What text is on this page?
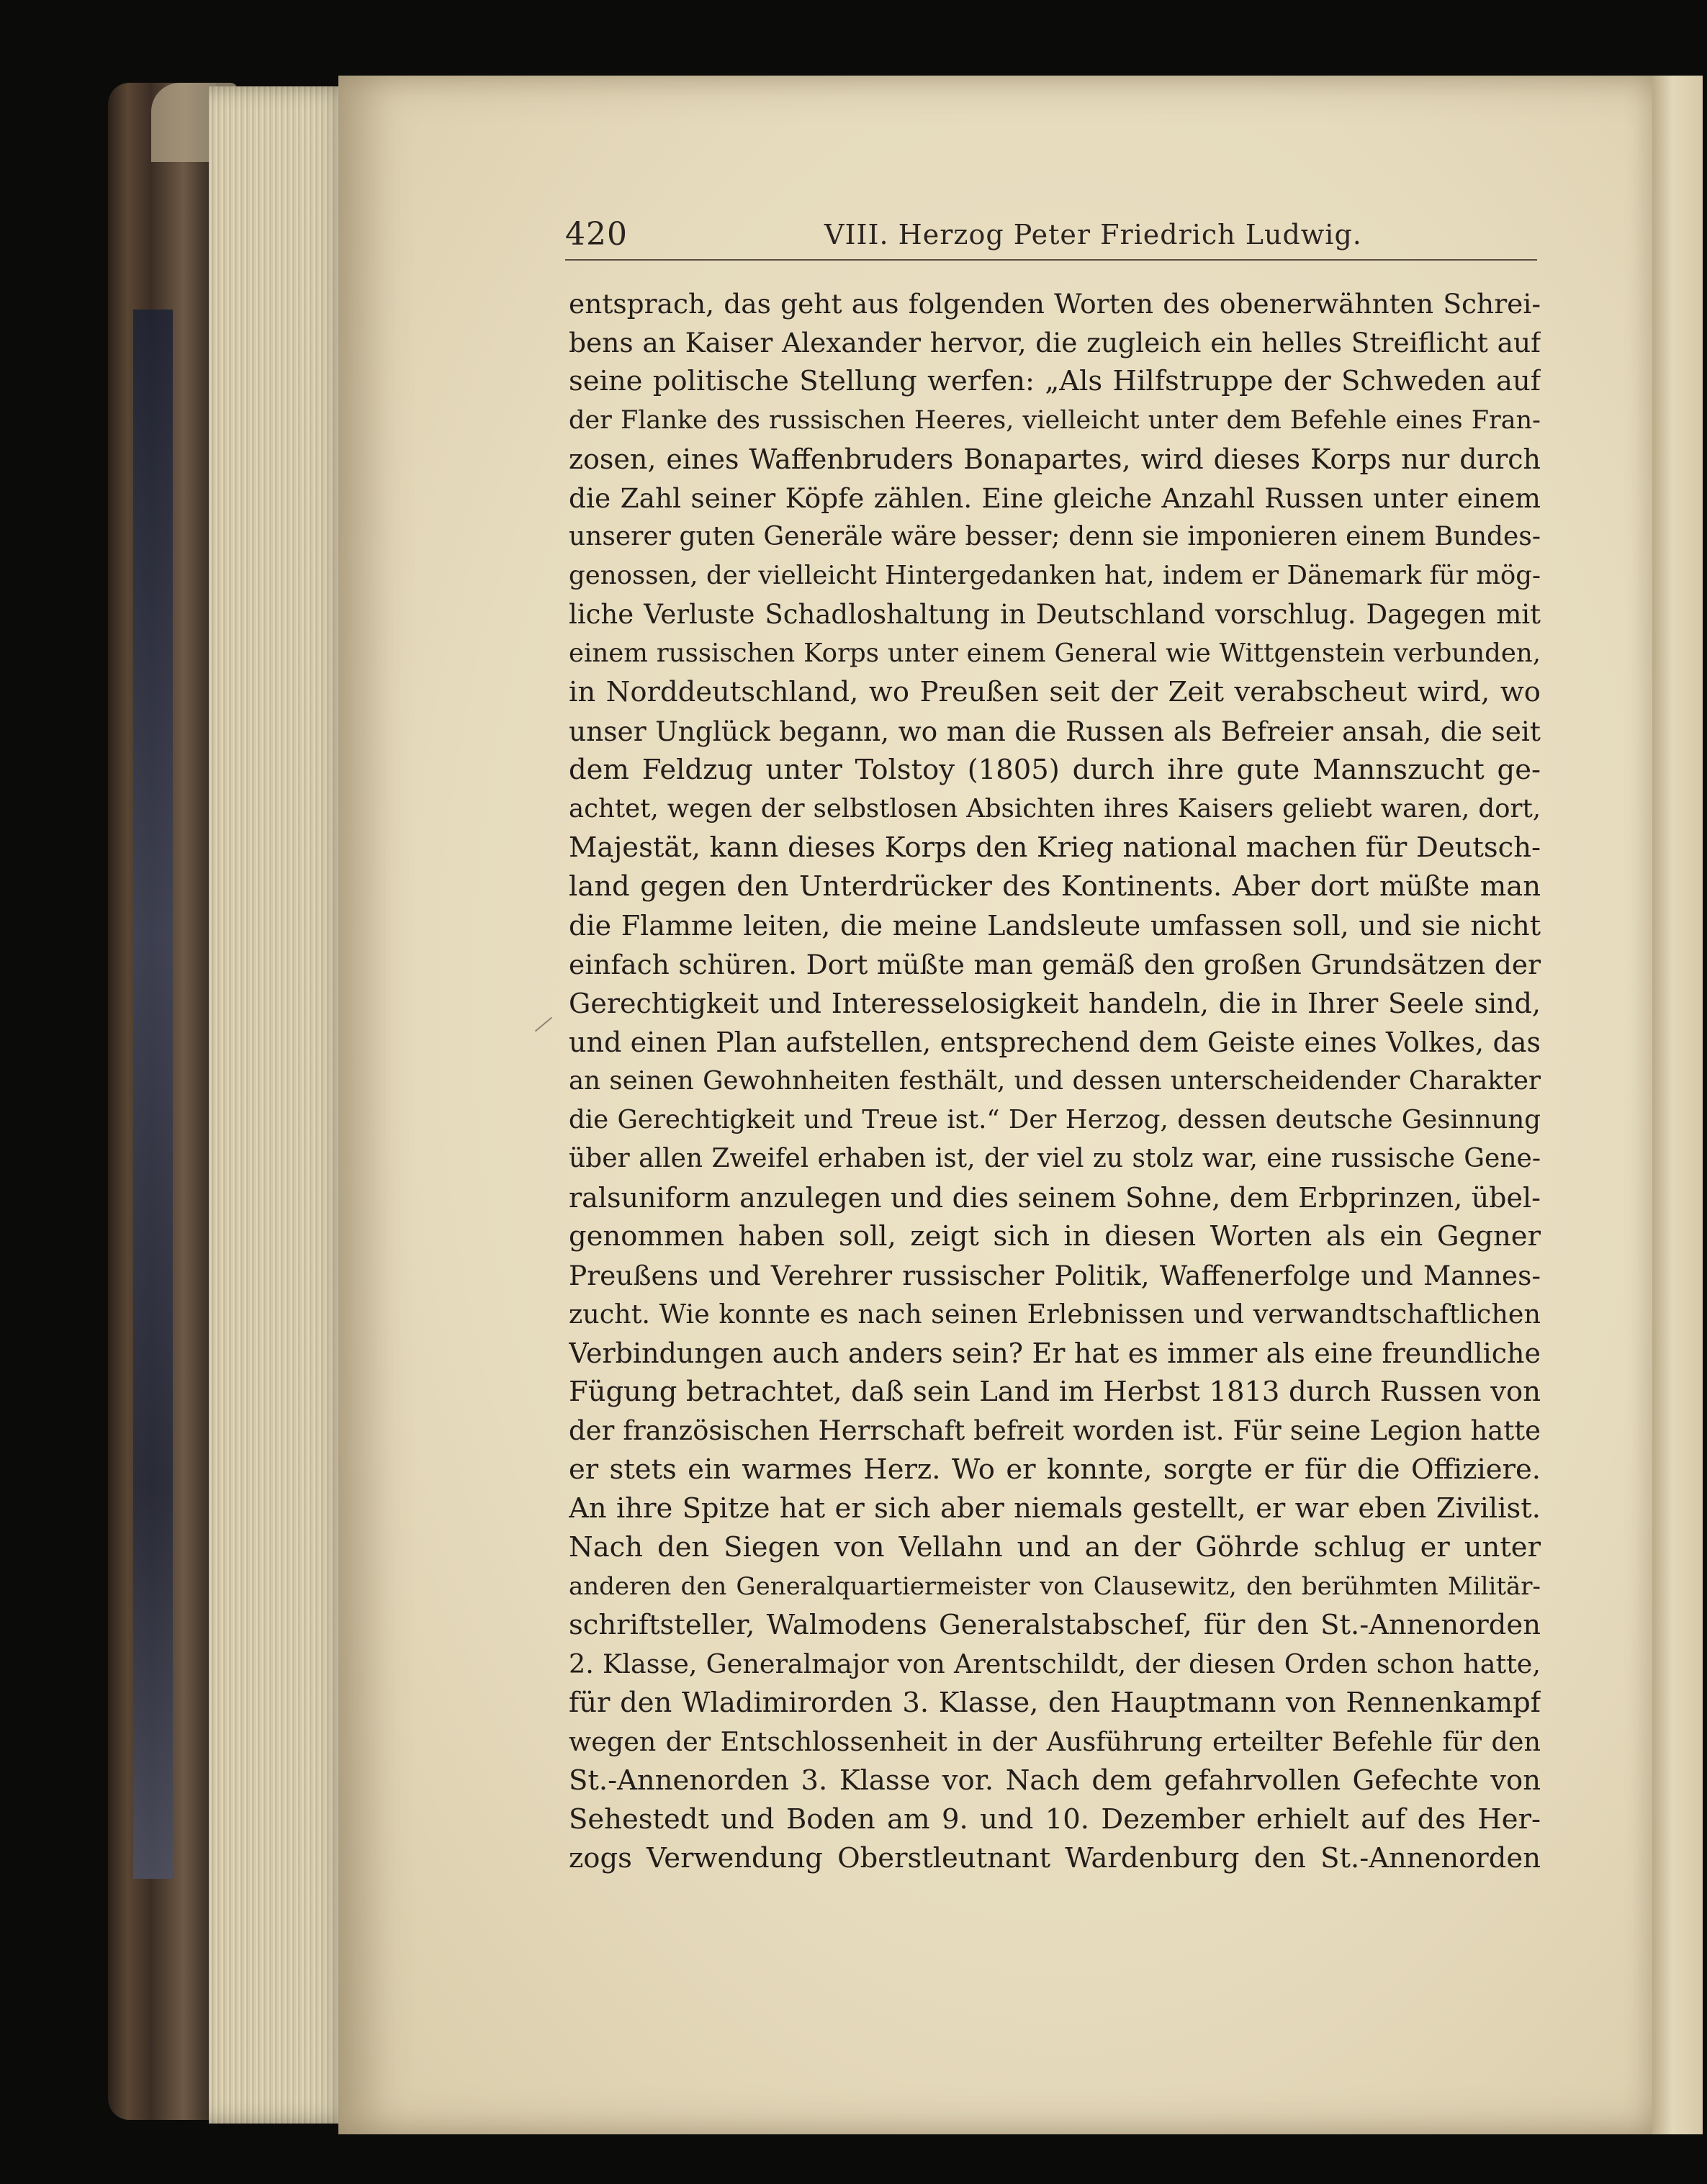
420	VIII. Herzog Peter Friedrich Ludwig.
entsprach, das geht aus folgenden Worten des obenerwähnten Schrei-
bens an Kaiser Alexander hervor, die zugleich ein helles Streiflicht auf
seine politische Stellung werfen: „Als Hilfstruppe der Schweden auf
der Flanke des russischen Heeres, vielleicht unter dem Befehle eines Fran-
zosen, eines Waffenbruders Bonapartes, wird dieses Korps nur durch
die Zahl seiner Köpfe zählen. Eine gleiche Anzahl Russen unter einem
unserer guten Generäle wäre besser; denn sie imponieren einem Bundes-
genossen, der vielleicht Hintergedanken hat, indem er Dänemark für mög-
liche Verluste Schadloshaltung in Deutschland vorschlug. Dagegen mit
einem russischen Korps unter einem General wie Wittgenstein verbunden,
in Norddeutschland, wo Preußen seit der Zeit verabscheut wird, wo
unser Unglück begann, wo man die Russen als Befreier ansah, die seit
dem Feldzug unter Tolstoy (1805) durch ihre gute Mannszucht ge-
achtet, wegen der selbstlosen Absichten ihres Kaisers geliebt waren, dort,
Majestät, kann dieses Korps den Krieg national machen für Deutsch-
land gegen den Unterdrücker des Kontinents. Aber dort müßte man
die Flamme leiten, die meine Landsleute umfassen soll, und sie nicht
einfach schüren. Dort müßte man gemäß den großen Grundsätzen der
Gerechtigkeit und Interesselosigkeit handeln, die in Ihrer Seele sind,
und einen Plan aufstellen, entsprechend dem Geiste eines Volkes, das
an seinen Gewohnheiten festhält, und dessen unterscheidender Charakter
die Gerechtigkeit und Treue ist.“ Der Herzog, dessen deutsche Gesinnung
über allen Zweifel erhaben ist, der viel zu stolz war, eine russische Gene-
ralsuniform anzulegen und dies seinem Sohne, dem Erbprinzen, übel-
genommen haben soll, zeigt sich in diesen Worten als ein Gegner
Preußens und Verehrer russischer Politik, Waffenerfolge und Mannes-
zucht. Wie konnte es nach seinen Erlebnissen und verwandtschaftlichen
Verbindungen auch anders sein? Er hat es immer als eine freundliche
Fügung betrachtet, daß sein Land im Herbst 1813 durch Russen von
der französischen Herrschaft befreit worden ist. Für seine Legion hatte
er stets ein warmes Herz. Wo er konnte, sorgte er für die Offiziere.
An ihre Spitze hat er sich aber niemals gestellt, er war eben Zivilist.
Nach den Siegen von Vellahn und an der Göhrde schlug er unter
anderen den Generalquartiermeister von Clausewitz, den berühmten Militär-
schriftsteller, Walmodens Generalstabschef, für den St.-Annenorden
2. Klasse, Generalmajor von Arentschildt, der diesen Orden schon hatte,
für den Wladimirorden 3. Klasse, den Hauptmann von Rennenkampf
wegen der Entschlossenheit in der Ausführung erteilter Befehle für den
St.-Annenorden 3. Klasse vor. Nach dem gefahrvollen Gefechte von
Sehestedt und Boden am 9. und 10. Dezember erhielt auf des Her-
zogs Verwendung Oberstleutnant Wardenburg den St.-Annenorden
